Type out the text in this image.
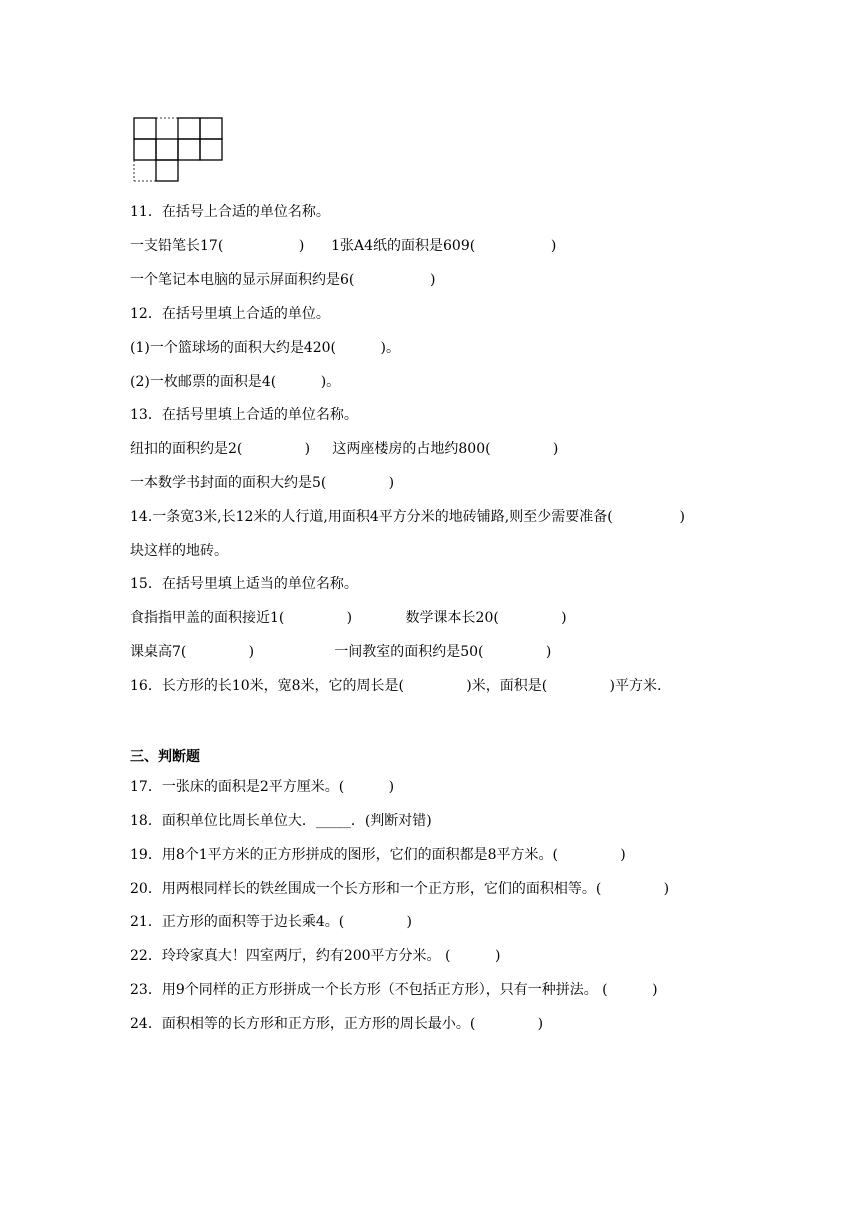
11．在括号上合适的单位名称。
一支铅笔长17(                 )      1张A4纸的面积是609(                 )
一个笔记本电脑的显示屏面积约是6(                 )
12．在括号里填上合适的单位。
(1)一个篮球场的面积大约是420(          )。
(2)一枚邮票的面积是4(          )。
13．在括号里填上合适的单位名称。
纽扣的面积约是2(              )     这两座楼房的占地约800(              )
一本数学书封面的面积大约是5(              )
14.一条宽3米,长12米的人行道,用面积4平方分米的地砖铺路,则至少需要准备(               )
块这样的地砖。
15．在括号里填上适当的单位名称。
食指指甲盖的面积接近1(              )            数学课本长20(              )
课桌高7(              )                  一间教室的面积约是50(              )
16．长方形的长10米，宽8米，它的周长是(              )米，面积是(              )平方米.
三、判断题
17．一张床的面积是2平方厘米。(          )
18．面积单位比周长单位大．_____．(判断对错)
19．用8个1平方米的正方形拼成的图形，它们的面积都是8平方米。(              )
20．用两根同样长的铁丝围成一个长方形和一个正方形，它们的面积相等。(              )
21．正方形的面积等于边长乘4。(              )
22．玲玲家真大！四室两厅，约有200平方分米。 (          )
23．用9个同样的正方形拼成一个长方形（不包括正方形），只有一种拼法。 (          )
24．面积相等的长方形和正方形，正方形的周长最小。(              )
